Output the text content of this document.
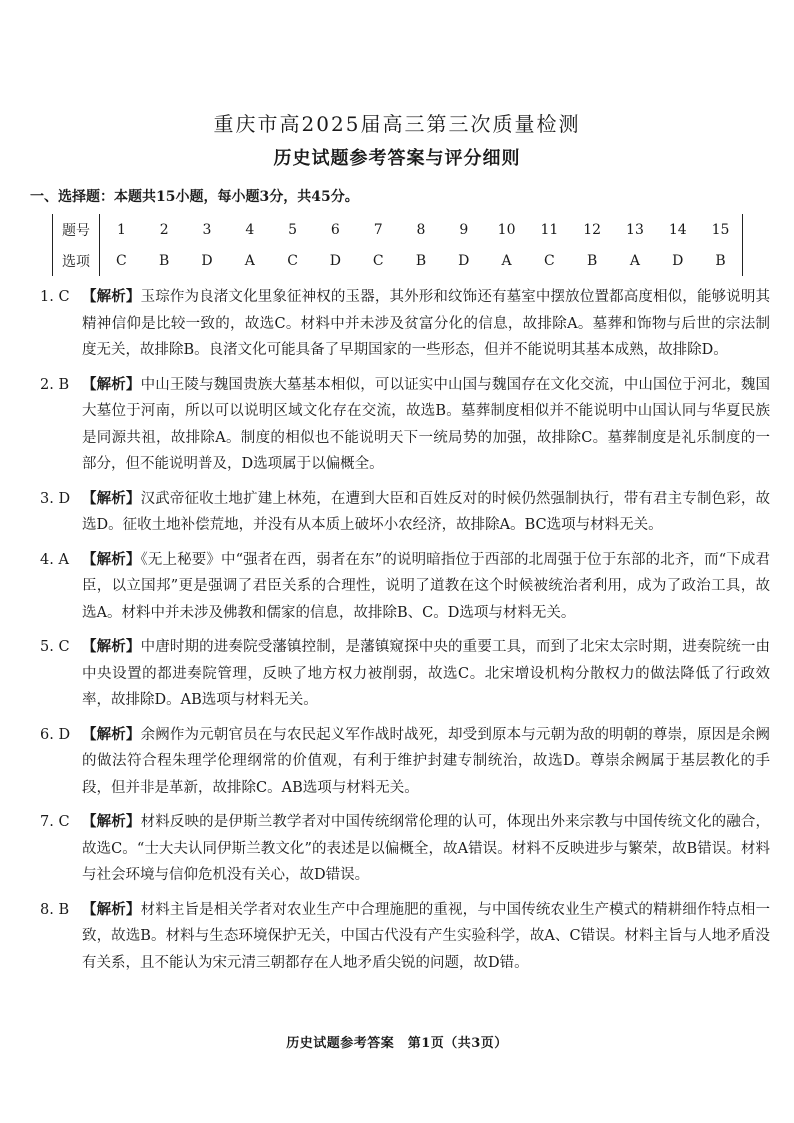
重庆市高2025届高三第三次质量检测
历史试题参考答案与评分细则
一、选择题：本题共15小题，每小题3分，共45分。
题号	1	2	3	4	5	6	7	8	9	10	11	12	13	14	15
选项	C	B	D	A	C	D	C	B	D	A	C	B	A	D	B
1. C 【解析】玉琮作为良渚文化里象征神权的玉器，其外形和纹饰还有墓室中摆放位置都高度相似，能够说明其精神信仰是比较一致的，故选C。材料中并未涉及贫富分化的信息，故排除A。墓葬和饰物与后世的宗法制度无关，故排除B。良渚文化可能具备了早期国家的一些形态，但并不能说明其基本成熟，故排除D。
2. B 【解析】中山王陵与魏国贵族大墓基本相似，可以证实中山国与魏国存在文化交流，中山国位于河北，魏国大墓位于河南，所以可以说明区域文化存在交流，故选B。墓葬制度相似并不能说明中山国认同与华夏民族是同源共祖，故排除A。制度的相似也不能说明天下一统局势的加强，故排除C。墓葬制度是礼乐制度的一部分，但不能说明普及，D选项属于以偏概全。
3. D 【解析】汉武帝征收土地扩建上林苑，在遭到大臣和百姓反对的时候仍然强制执行，带有君主专制色彩，故选D。征收土地补偿荒地，并没有从本质上破坏小农经济，故排除A。BC选项与材料无关。
4. A 【解析】《无上秘要》中“强者在西，弱者在东”的说明暗指位于西部的北周强于位于东部的北齐，而“下成君臣，以立国邦”更是强调了君臣关系的合理性，说明了道教在这个时候被统治者利用，成为了政治工具，故选A。材料中并未涉及佛教和儒家的信息，故排除B、C。D选项与材料无关。
5. C 【解析】中唐时期的进奏院受藩镇控制，是藩镇窥探中央的重要工具，而到了北宋太宗时期，进奏院统一由中央设置的都进奏院管理，反映了地方权力被削弱，故选C。北宋增设机构分散权力的做法降低了行政效率，故排除D。AB选项与材料无关。
6. D 【解析】余阙作为元朝官员在与农民起义军作战时战死，却受到原本与元朝为敌的明朝的尊崇，原因是余阙的做法符合程朱理学伦理纲常的价值观，有利于维护封建专制统治，故选D。尊崇余阙属于基层教化的手段，但并非是革新，故排除C。AB选项与材料无关。
7. C 【解析】材料反映的是伊斯兰教学者对中国传统纲常伦理的认可，体现出外来宗教与中国传统文化的融合，故选C。“士大夫认同伊斯兰教文化”的表述是以偏概全，故A错误。材料不反映进步与繁荣，故B错误。材料与社会环境与信仰危机没有关心，故D错误。
8. B 【解析】材料主旨是相关学者对农业生产中合理施肥的重视，与中国传统农业生产模式的精耕细作特点相一致，故选B。材料与生态环境保护无关，中国古代没有产生实验科学，故A、C错误。材料主旨与人地矛盾没有关系，且不能认为宋元清三朝都存在人地矛盾尖锐的问题，故D错。
历史试题参考答案　第1页（共3页）
